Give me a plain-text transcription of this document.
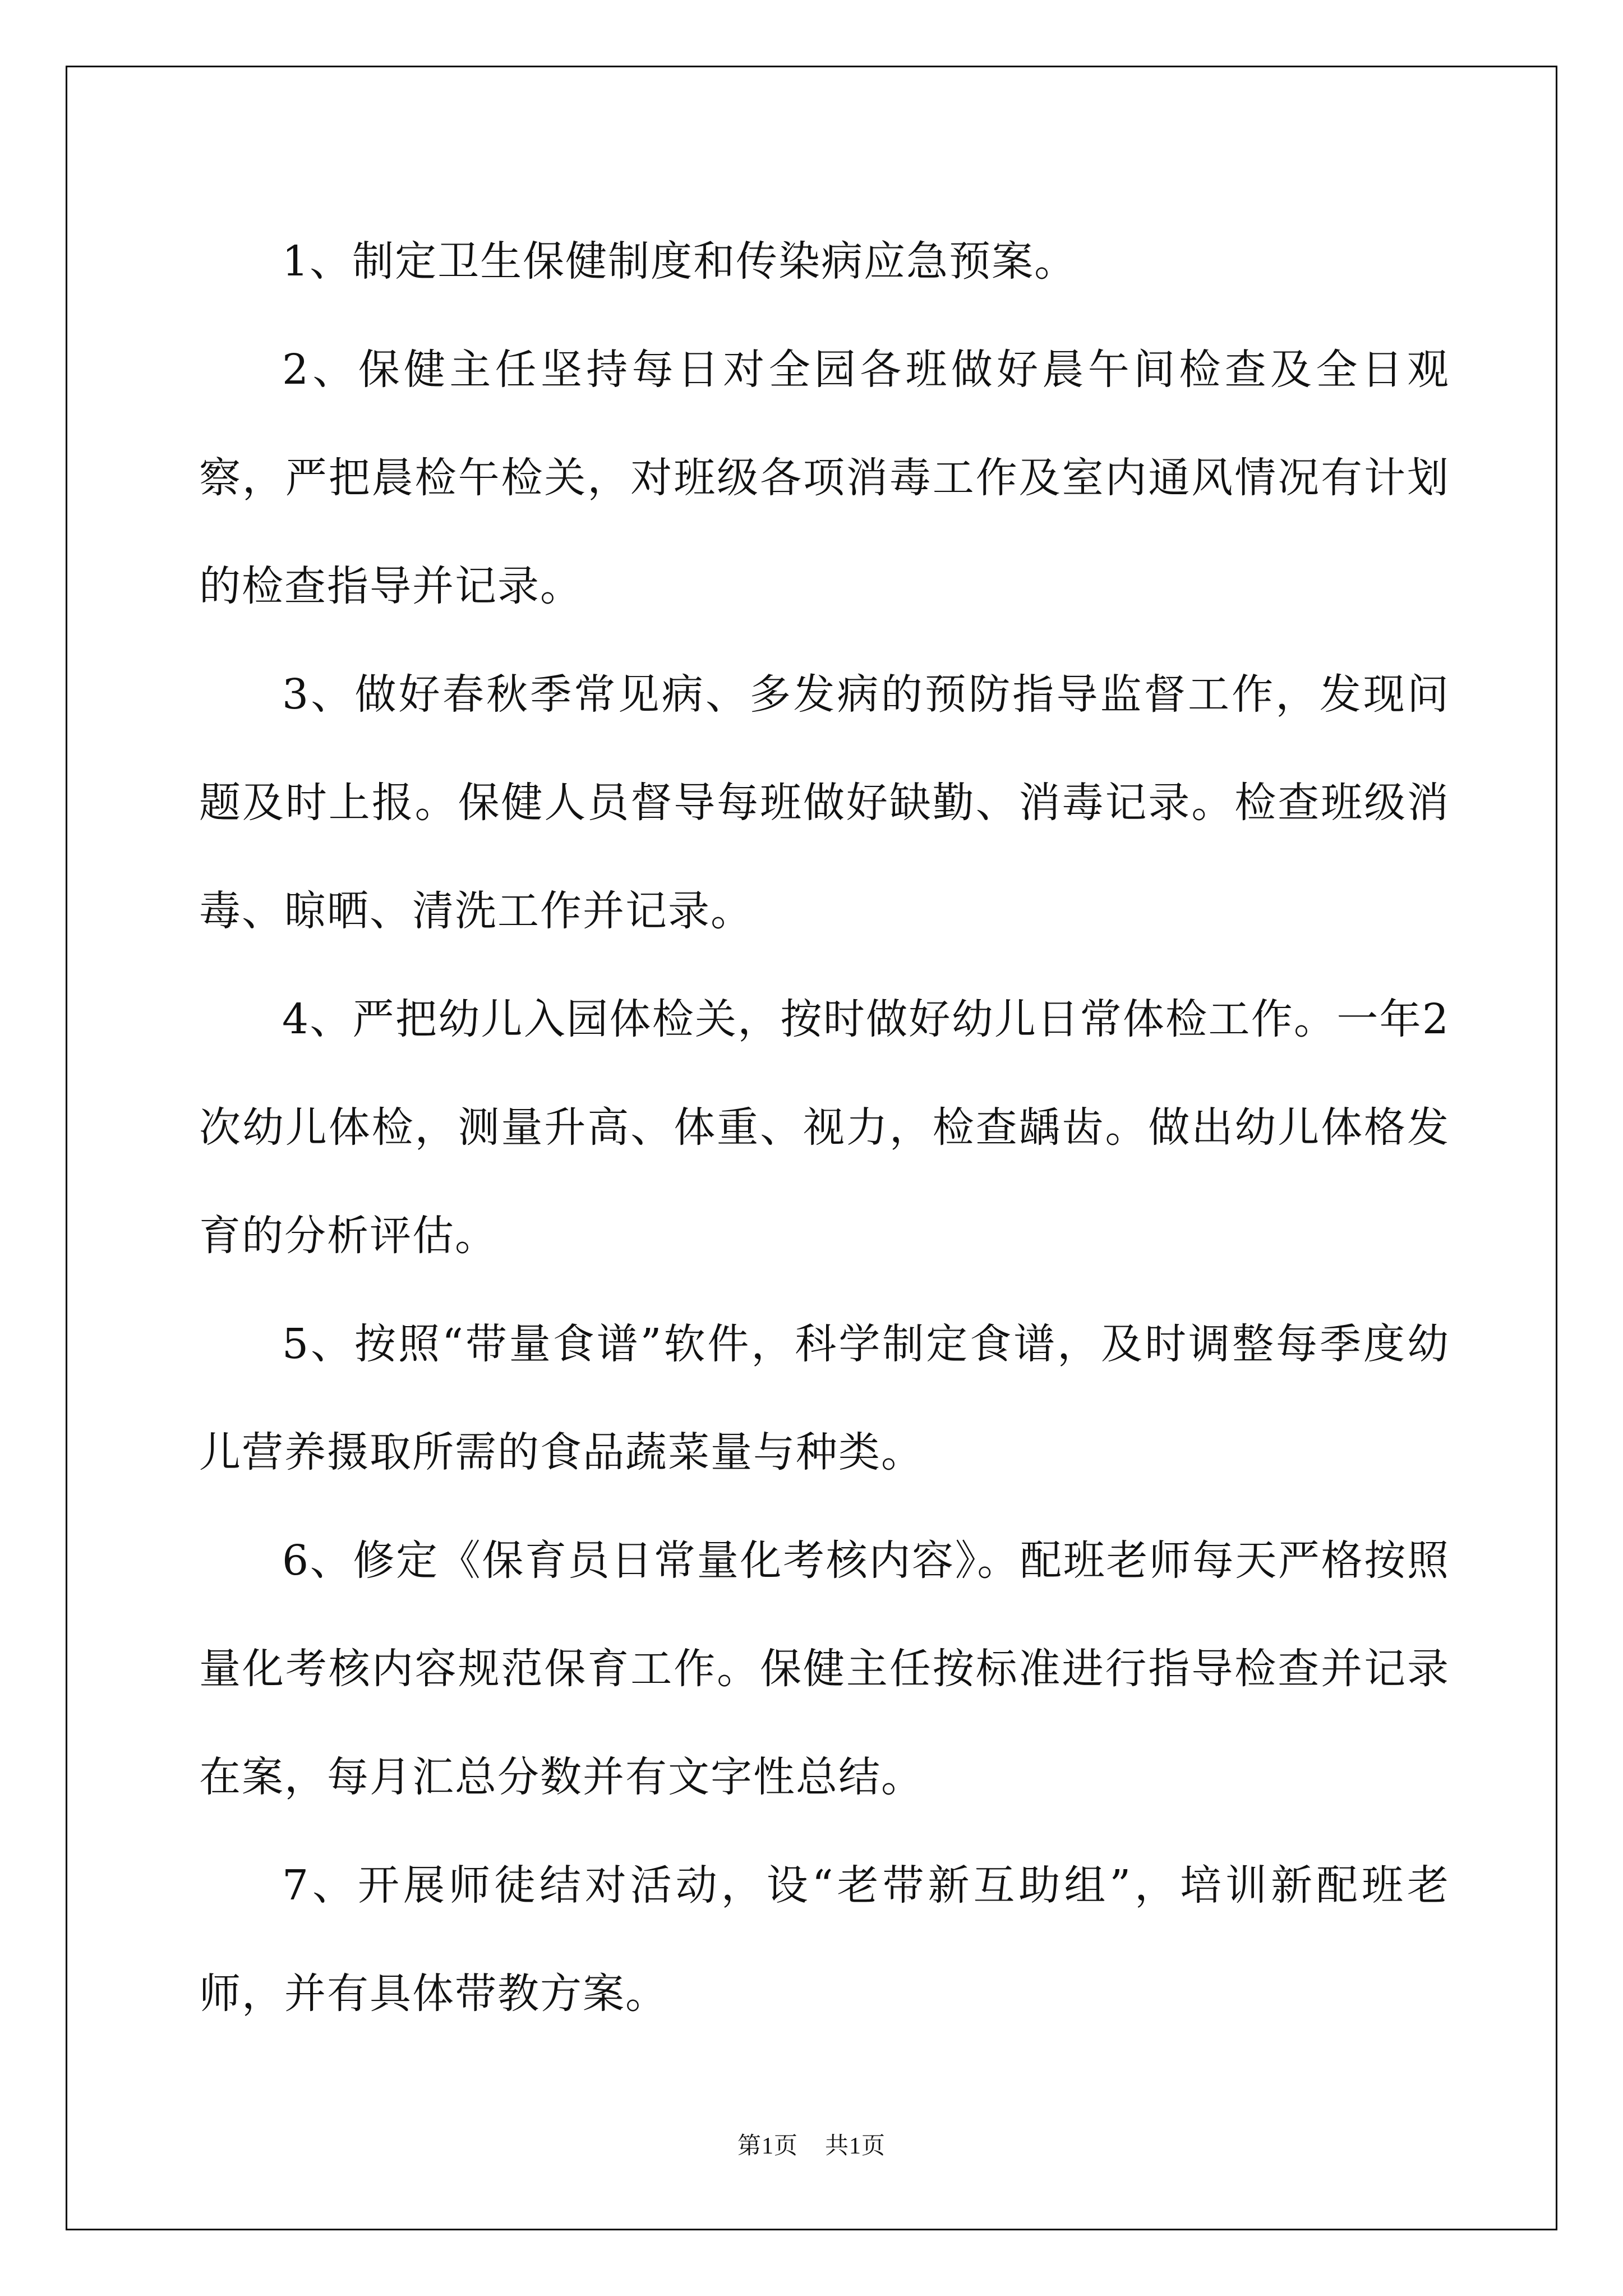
1、制定卫生保健制度和传染病应急预案。

2、保健主任坚持每日对全园各班做好晨午间检查及全日观察，严把晨检午检关，对班级各项消毒工作及室内通风情况有计划的检查指导并记录。

3、做好春秋季常见病、多发病的预防指导监督工作，发现问题及时上报。保健人员督导每班做好缺勤、消毒记录。检查班级消毒、晾晒、清洗工作并记录。

4、严把幼儿入园体检关，按时做好幼儿日常体检工作。一年2次幼儿体检，测量升高、体重、视力，检查龋齿。做出幼儿体格发育的分析评估。

5、按照“带量食谱”软件，科学制定食谱，及时调整每季度幼儿营养摄取所需的食品蔬菜量与种类。

6、修定《保育员日常量化考核内容》。配班老师每天严格按照量化考核内容规范保育工作。保健主任按标准进行指导检查并记录在案，每月汇总分数并有文字性总结。

7、开展师徒结对活动，设“老带新互助组”，培训新配班老师，并有具体带教方案。

第1页 共1页
